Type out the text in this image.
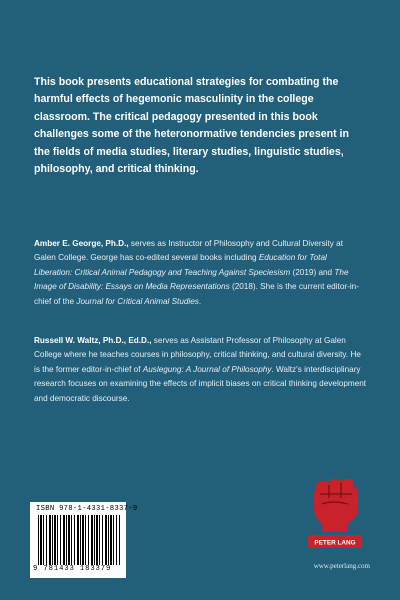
This book presents educational strategies for combating the harmful effects of hegemonic masculinity in the college classroom. The critical pedagogy presented in this book challenges some of the heteronormative tendencies present in the fields of media studies, literary studies, linguistic studies, philosophy, and critical thinking.

Amber E. George, Ph.D., serves as Instructor of Philosophy and Cultural Diversity at Galen College. George has co-edited several books including Education for Total Liberation: Critical Animal Pedagogy and Teaching Against Speciesism (2019) and The Image of Disability: Essays on Media Representations (2018). She is the current editor-in-chief of the Journal for Critical Animal Studies.

Russell W. Waltz, Ph.D., Ed.D., serves as Assistant Professor of Philosophy at Galen College where he teaches courses in philosophy, critical thinking, and cultural diversity. He is the former editor-in-chief of Auslegung: A Journal of Philosophy. Waltz's interdisciplinary research focuses on examining the effects of implicit biases on critical thinking development and democratic discourse.

ISBN 978-1-4331-8337-9
9 781433 183379
PETER LANG
www.peterlang.com
